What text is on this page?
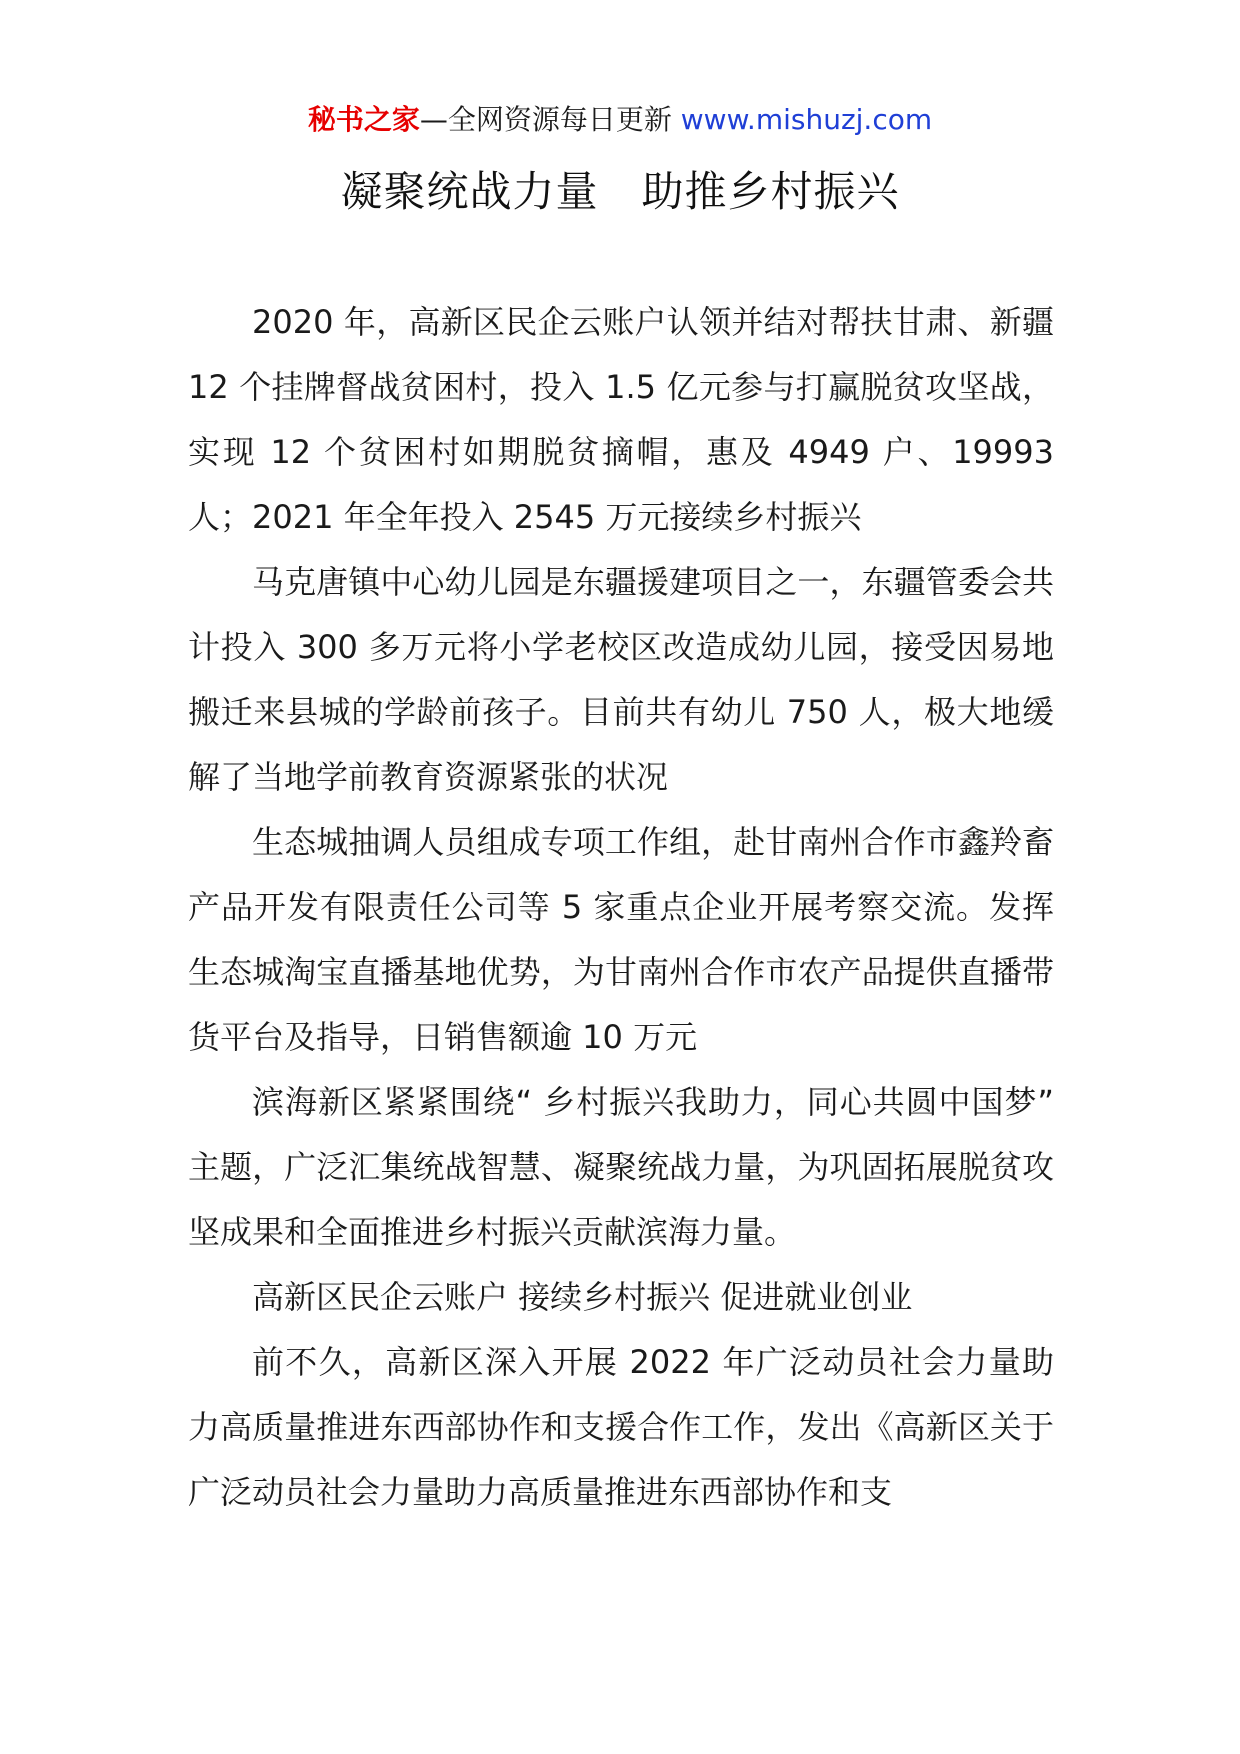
秘书之家—全网资源每日更新 www.mishuzj.com
凝聚统战力量　助推乡村振兴

2020 年，高新区民企云账户认领并结对帮扶甘肃、新疆 12 个挂牌督战贫困村，投入 1.5 亿元参与打赢脱贫攻坚战，实现 12 个贫困村如期脱贫摘帽，惠及 4949 户、19993 人；2021 年全年投入 2545 万元接续乡村振兴

马克唐镇中心幼儿园是东疆援建项目之一，东疆管委会共计投入 300 多万元将小学老校区改造成幼儿园，接受因易地搬迁来县城的学龄前孩子。目前共有幼儿 750 人，极大地缓解了当地学前教育资源紧张的状况

生态城抽调人员组成专项工作组，赴甘南州合作市鑫羚畜产品开发有限责任公司等 5 家重点企业开展考察交流。发挥生态城淘宝直播基地优势，为甘南州合作市农产品提供直播带货平台及指导，日销售额逾 10 万元

滨海新区紧紧围绕“ 乡村振兴我助力，同心共圆中国梦” 主题，广泛汇集统战智慧、凝聚统战力量，为巩固拓展脱贫攻坚成果和全面推进乡村振兴贡献滨海力量。

高新区民企云账户 接续乡村振兴 促进就业创业

前不久，高新区深入开展 2022 年广泛动员社会力量助力高质量推进东西部协作和支援合作工作，发出《高新区关于广泛动员社会力量助力高质量推进东西部协作和支
